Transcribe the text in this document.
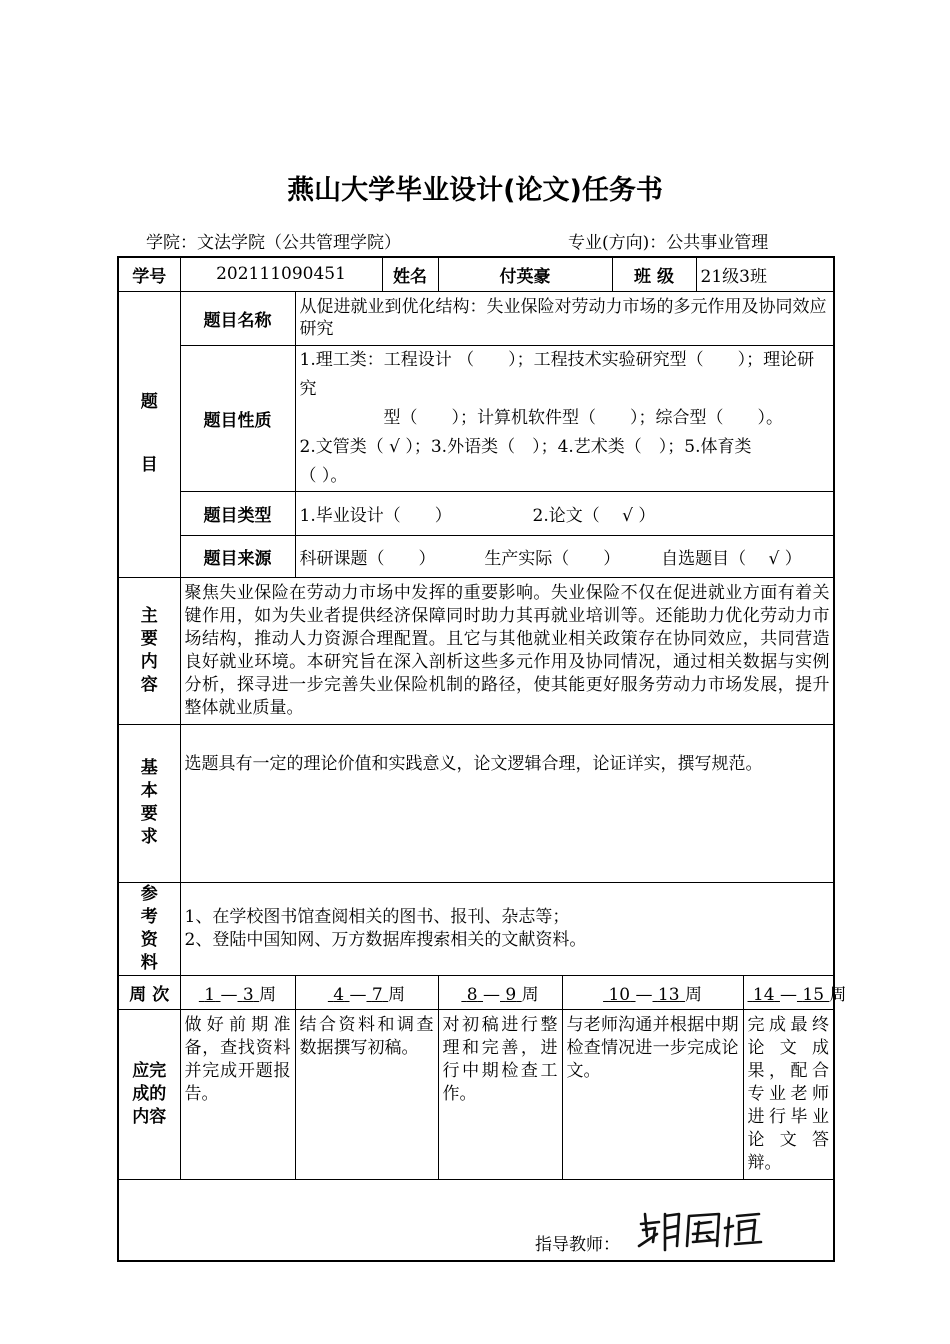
燕山大学毕业设计(论文)任务书
学院：文法学院（公共管理学院）	专业(方向)：公共事业管理
学号	202111090451		姓名	付英豪		班 级	21级3班	

题
目	题目名称	从促进就业到优化结构：失业保险对劳动力市场的多元作用及协同效应研究						
	题目性质	1.理工类：工程设计 （　　）；工程技术实验研究型（　　）；理论研究
型（　　）；计算机软件型（　　）；综合型（　　）。
2.文管类（ √ ）；3.外语类（　）；4.艺术类（　）；5.体育类
（ ）。						

	题目类型	1.毕业设计（　　） 2.论文（　 √ ）						
	题目来源	科研课题（　　） 生产实际（　　） 自选题目（　 √ ）						
主要内容	聚焦失业保险在劳动力市场中发挥的重要影响。失业保险不仅在促进就业方面有着关键作用，如为失业者提供经济保障同时助力其再就业培训等。还能助力优化劳动力市场结构，推动人力资源合理配置。且它与其他就业相关政策存在协同效应，共同营造良好就业环境。本研究旨在深入剖析这些多元作用及协同情况，通过相关数据与实例分析，探寻进一步完善失业保险机制的路径，使其能更好服务劳动力市场发展，提升整体就业质量。							
基本要求	选题具有一定的理论价值和实践意义，论文逻辑合理，论证详实，撰写规范。							
参考资料	1、在学校图书馆查阅相关的图书、报刊、杂志等；
2、登陆中国知网、万方数据库搜索相关的文献资料。							

周 次	1 — 3 周	4 — 7 周		8 — 9 周	10 — 13 周			14 — 15 周
应完成的内容	做好前期准备，查找资料并完成开题报告。	结合资料和调查数据撰写初稿。		对初稿进行整理和完善，进行中期检查工作。	与老师沟通并根据中期检查情况进一步完成论文。			完成最终论文成果，配合专业老师进行毕业论文答辩。

指导教师：								
